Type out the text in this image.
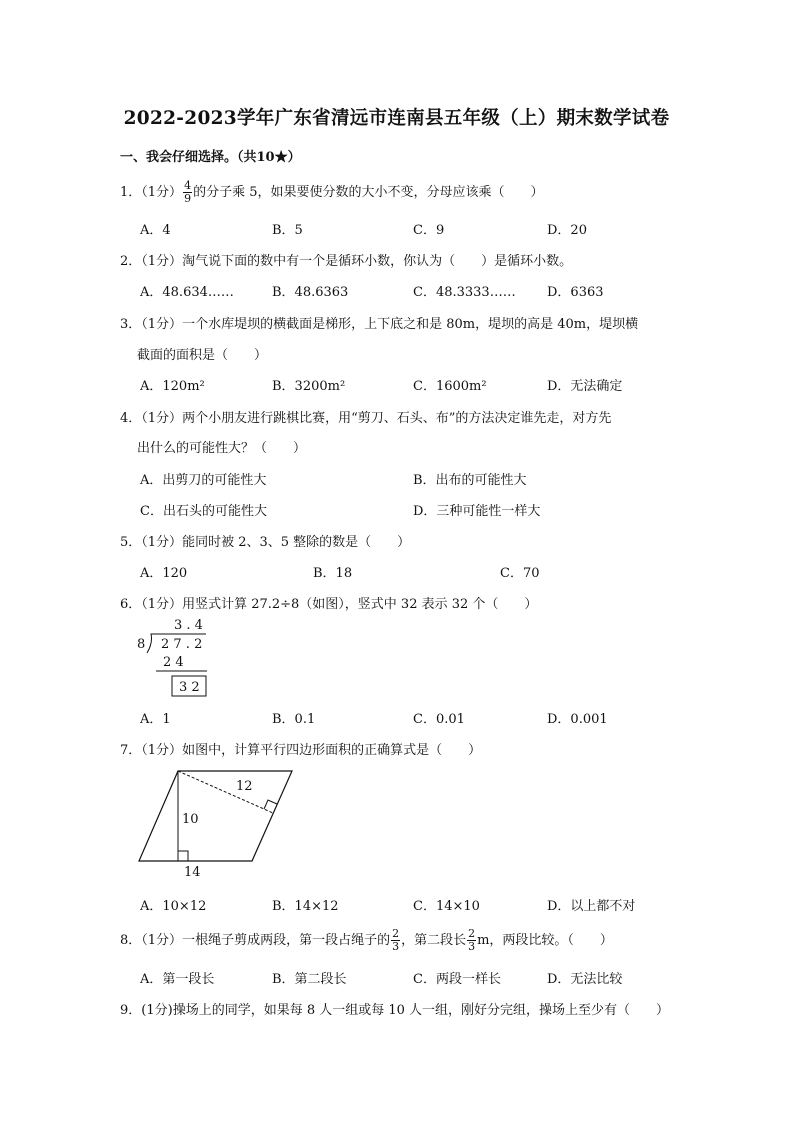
2022-2023学年广东省清远市连南县五年级（上）期末数学试卷
一、我会仔细选择。（共10★）
1．（1分） $\frac{4}{9}$ 的分子乘 5，如果要使分数的大小不变，分母应该乘（　　）
A．4	B．5	C．9	D．20
2．（1分）淘气说下面的数中有一个是循环小数，你认为（　　）是循环小数。
A．48.634……	B．48.6363	C．48.3333…… D．6363
3．（1分）一个水库堤坝的横截面是梯形，上下底之和是 80m，堤坝的高是 40m，堤坝横
截面的面积是（　　）
A．120m²	B．3200m²	C．1600m²	D．无法确定
4．（1分）两个小朋友进行跳棋比赛，用“剪刀、石头、布”的方法决定谁先走，对方先
出什么的可能性大？（　　）
A．出剪刀的可能性大	B．出布的可能性大
C．出石头的可能性大	D．三种可能性一样大
5．（1分）能同时被 2、3、5 整除的数是（　　）
A．120	B．18	C．70
6．（1分）用竖式计算 27.2÷8（如图），竖式中 32 表示 32 个（　　）
3 . 4
8 2 7 . 2
2 4
3 2
A．1	B．0.1	C．0.01	D．0.001
7．（1分）如图中，计算平行四边形面积的正确算式是（　　）
12
10
14
A．10×12	B．14×12	C．14×10	D．以上都不对
8．（1分）一根绳子剪成两段，第一段占绳子的 $\frac{2}{3}$ ，第二段长 $\frac{2}{3}$ m，两段比较。（　　）
A．第一段长	B．第二段长	C．两段一样长	D．无法比较
9．(1分)操场上的同学，如果每 8 人一组或每 10 人一组，刚好分完组，操场上至少有（　　）
